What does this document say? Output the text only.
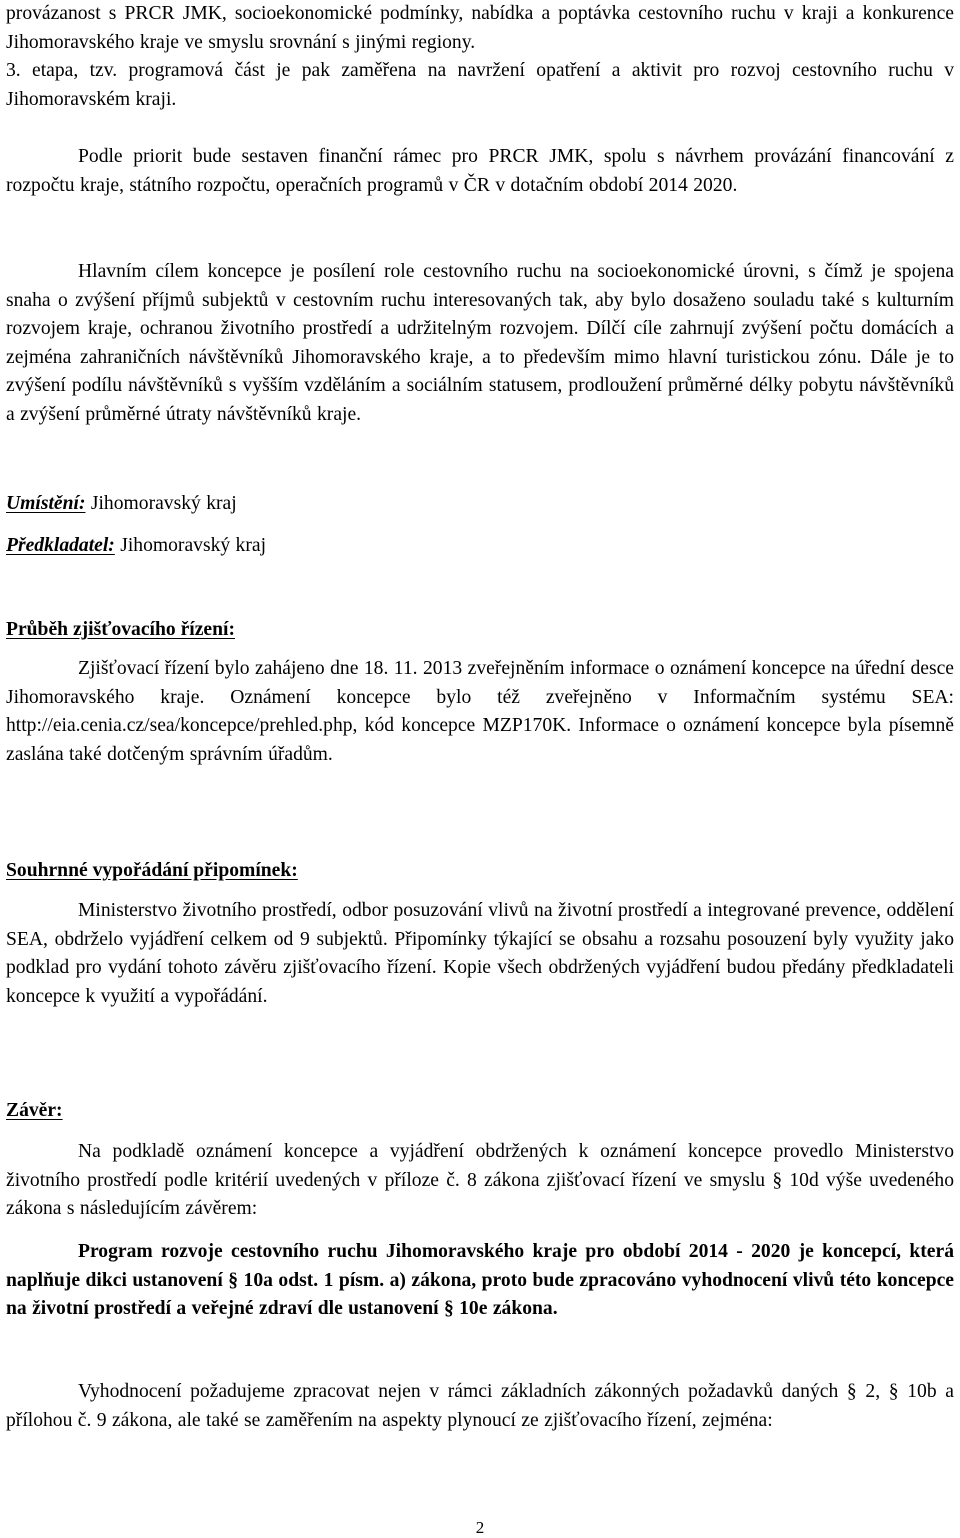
provázanost s PRCR JMK, socioekonomické podmínky, nabídka a poptávka cestovního ruchu v kraji a konkurence Jihomoravského kraje ve smyslu srovnání s jinými regiony.

3. etapa, tzv. programová část je pak zaměřena na navržení opatření a aktivit pro rozvoj cestovního ruchu v Jihomoravském kraji.

Podle priorit bude sestaven finanční rámec pro PRCR JMK, spolu s návrhem provázání financování z rozpočtu kraje, státního rozpočtu, operačních programů v ČR v dotačním období 2014 2020.

Hlavním cílem koncepce je posílení role cestovního ruchu na socioekonomické úrovni, s čímž je spojena snaha o zvýšení příjmů subjektů v cestovním ruchu interesovaných tak, aby bylo dosaženo souladu také s kulturním rozvojem kraje, ochranou životního prostředí a udržitelným rozvojem. Dílčí cíle zahrnují zvýšení počtu domácích a zejména zahraničních návštěvníků Jihomoravského kraje, a to především mimo hlavní turistickou zónu. Dále je to zvýšení podílu návštěvníků s vyšším vzděláním a sociálním statusem, prodloužení průměrné délky pobytu návštěvníků a zvýšení průměrné útraty návštěvníků kraje.

Umístění: Jihomoravský kraj

Předkladatel: Jihomoravský kraj

Průběh zjišťovacího řízení:

Zjišťovací řízení bylo zahájeno dne 18. 11. 2013 zveřejněním informace o oznámení koncepce na úřední desce Jihomoravského kraje. Oznámení koncepce bylo též zveřejněno v Informačním systému SEA: http://eia.cenia.cz/sea/koncepce/prehled.php, kód koncepce MZP170K. Informace o oznámení koncepce byla písemně zaslána také dotčeným správním úřadům.

Souhrnné vypořádání připomínek:

Ministerstvo životního prostředí, odbor posuzování vlivů na životní prostředí a integrované prevence, oddělení SEA, obdrželo vyjádření celkem od 9 subjektů. Připomínky týkající se obsahu a rozsahu posouzení byly využity jako podklad pro vydání tohoto závěru zjišťovacího řízení. Kopie všech obdržených vyjádření budou předány předkladateli koncepce k využití a vypořádání.

Závěr:

Na podkladě oznámení koncepce a vyjádření obdržených k oznámení koncepce provedlo Ministerstvo životního prostředí podle kritérií uvedených v příloze č. 8 zákona zjišťovací řízení ve smyslu § 10d výše uvedeného zákona s následujícím závěrem:

Program rozvoje cestovního ruchu Jihomoravského kraje pro období 2014 - 2020 je koncepcí, která naplňuje dikci ustanovení § 10a odst. 1 písm. a) zákona, proto bude zpracováno vyhodnocení vlivů této koncepce na životní prostředí a veřejné zdraví dle ustanovení § 10e zákona.

Vyhodnocení požadujeme zpracovat nejen v rámci základních zákonných požadavků daných § 2, § 10b a přílohou č. 9 zákona, ale také se zaměřením na aspekty plynoucí ze zjišťovacího řízení, zejména:

2
